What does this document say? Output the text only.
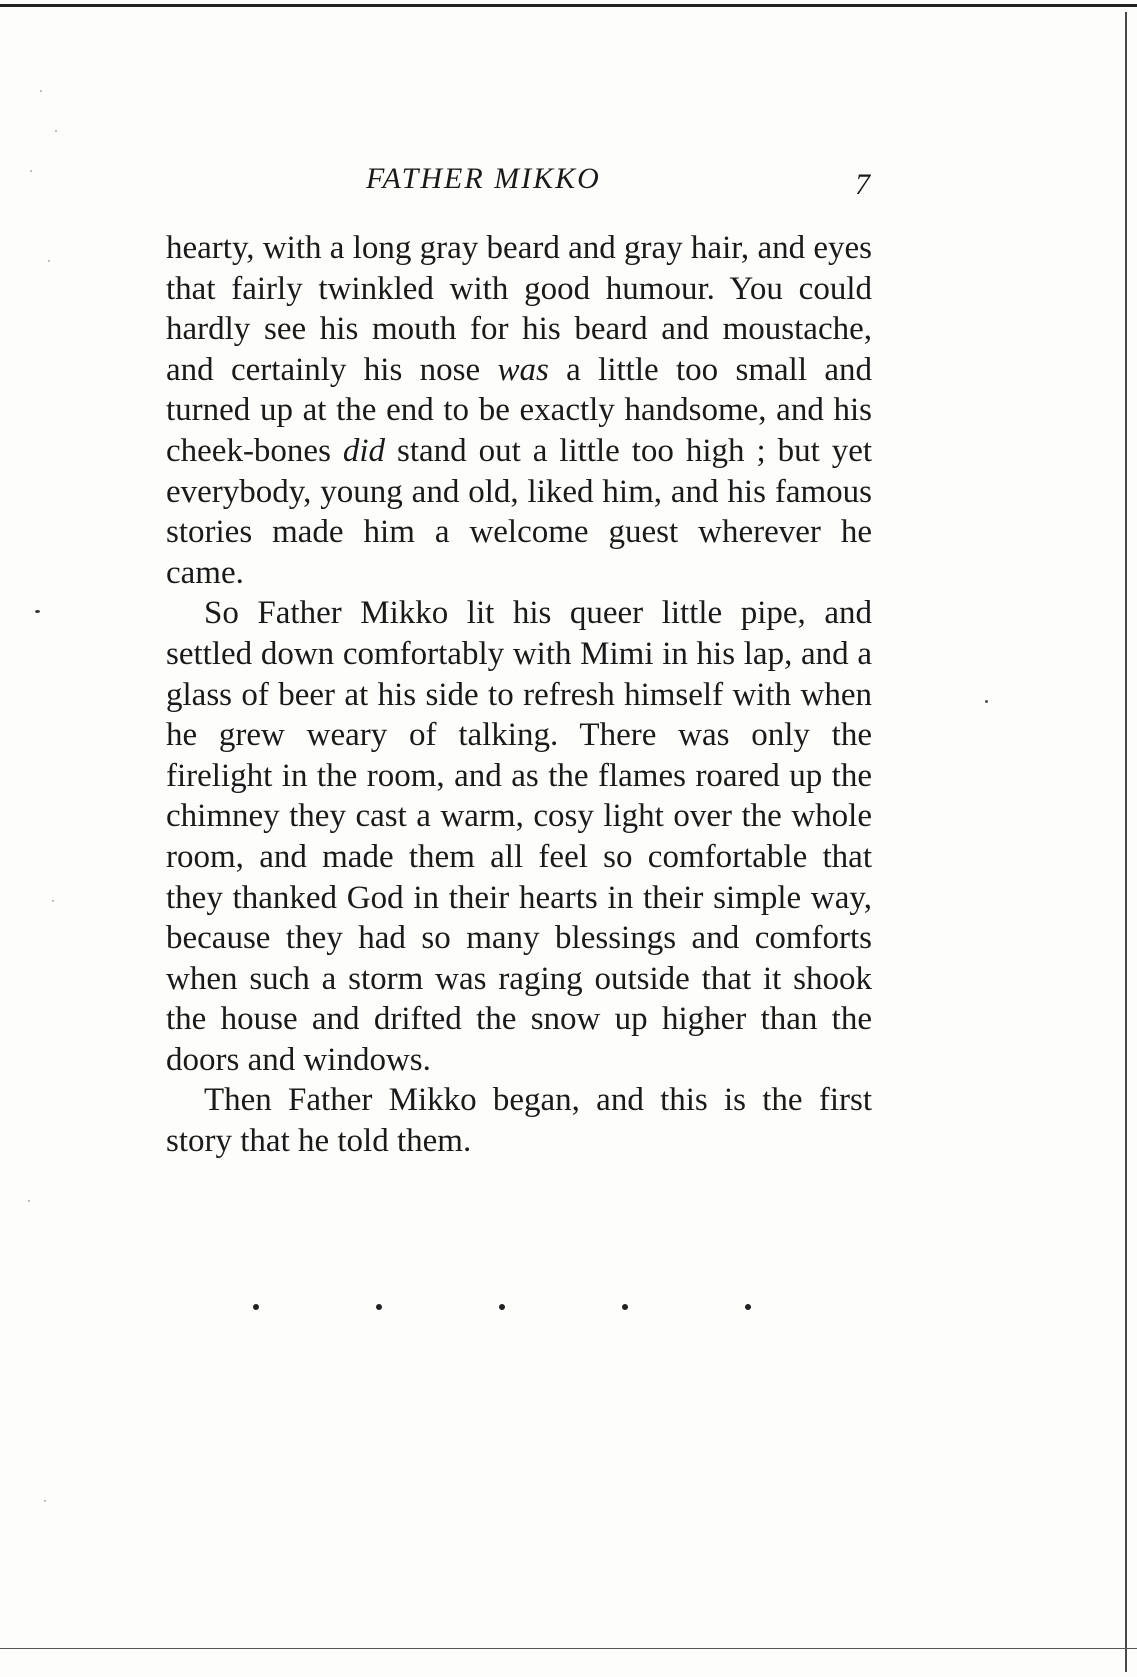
FATHER MIKKO	7

hearty, with a long gray beard and gray hair, and eyes that fairly twinkled with good humour. You could hardly see his mouth for his beard and moustache, and certainly his nose was a little too small and turned up at the end to be exactly handsome, and his cheek-bones did stand out a little too high ; but yet everybody, young and old, liked him, and his famous stories made him a welcome guest wherever he came.

So Father Mikko lit his queer little pipe, and settled down comfortably with Mimi in his lap, and a glass of beer at his side to refresh himself with when he grew weary of talking. There was only the firelight in the room, and as the flames roared up the chimney they cast a warm, cosy light over the whole room, and made them all feel so comfortable that they thanked God in their hearts in their simple way, because they had so many blessings and comforts when such a storm was raging outside that it shook the house and drifted the snow up higher than the doors and windows.

Then Father Mikko began, and this is the first story that he told them.
